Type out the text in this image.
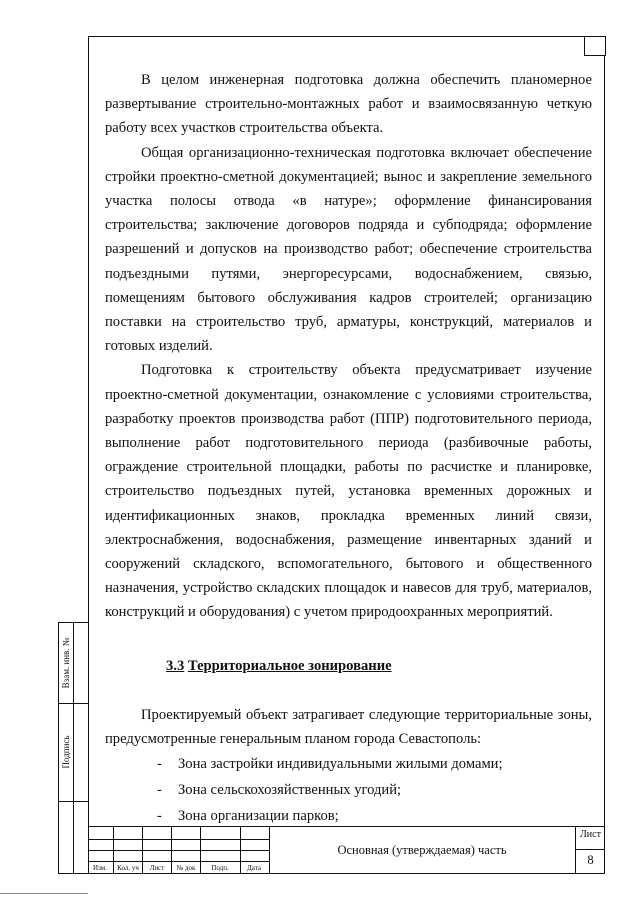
Взам. инв. №
Подпись

В целом инженерная подготовка должна обеспечить планомерное развертывание строительно-монтажных работ и взаимосвязанную четкую работу всех участков строительства объекта.

Общая организационно-техническая подготовка включает обеспечение стройки проектно-сметной документацией; вынос и закрепление земельного участка полосы отвода «в натуре»; оформление финансирования строительства; заключение договоров подряда и субподряда; оформление разрешений и допусков на производство работ; обеспечение строительства подъездными путями, энергоресурсами, водоснабжением, связью, помещениям бытового обслуживания кадров строителей; организацию поставки на строительство труб, арматуры, конструкций, материалов и готовых изделий.

Подготовка к строительству объекта предусматривает изучение проектно-сметной документации, ознакомление с условиями строительства, разработку проектов производства работ (ППР) подготовительного периода, выполнение работ подготовительного периода (разбивочные работы, ограждение строительной площадки, работы по расчистке и планировке, строительство подъездных путей, установка временных дорожных и идентификационных знаков, прокладка временных линий связи, электроснабжения, водоснабжения, размещение инвентарных зданий и сооружений складского, вспомогательного, бытового и общественного назначения, устройство складских площадок и навесов для труб, материалов, конструкций и оборудования) с учетом природоохранных мероприятий.

3.3 Территориальное зонирование

Проектируемый объект затрагивает следующие территориальные зоны, предусмотренные генеральным планом города Севастополь:

-	Зона застройки индивидуальными жилыми домами;
-	Зона сельскохозяйственных угодий;
-	Зона организации парков;
Изм. Кол. уч Лист № док Подп.	Дата
Основная (утверждаемая) часть
Лист
8
